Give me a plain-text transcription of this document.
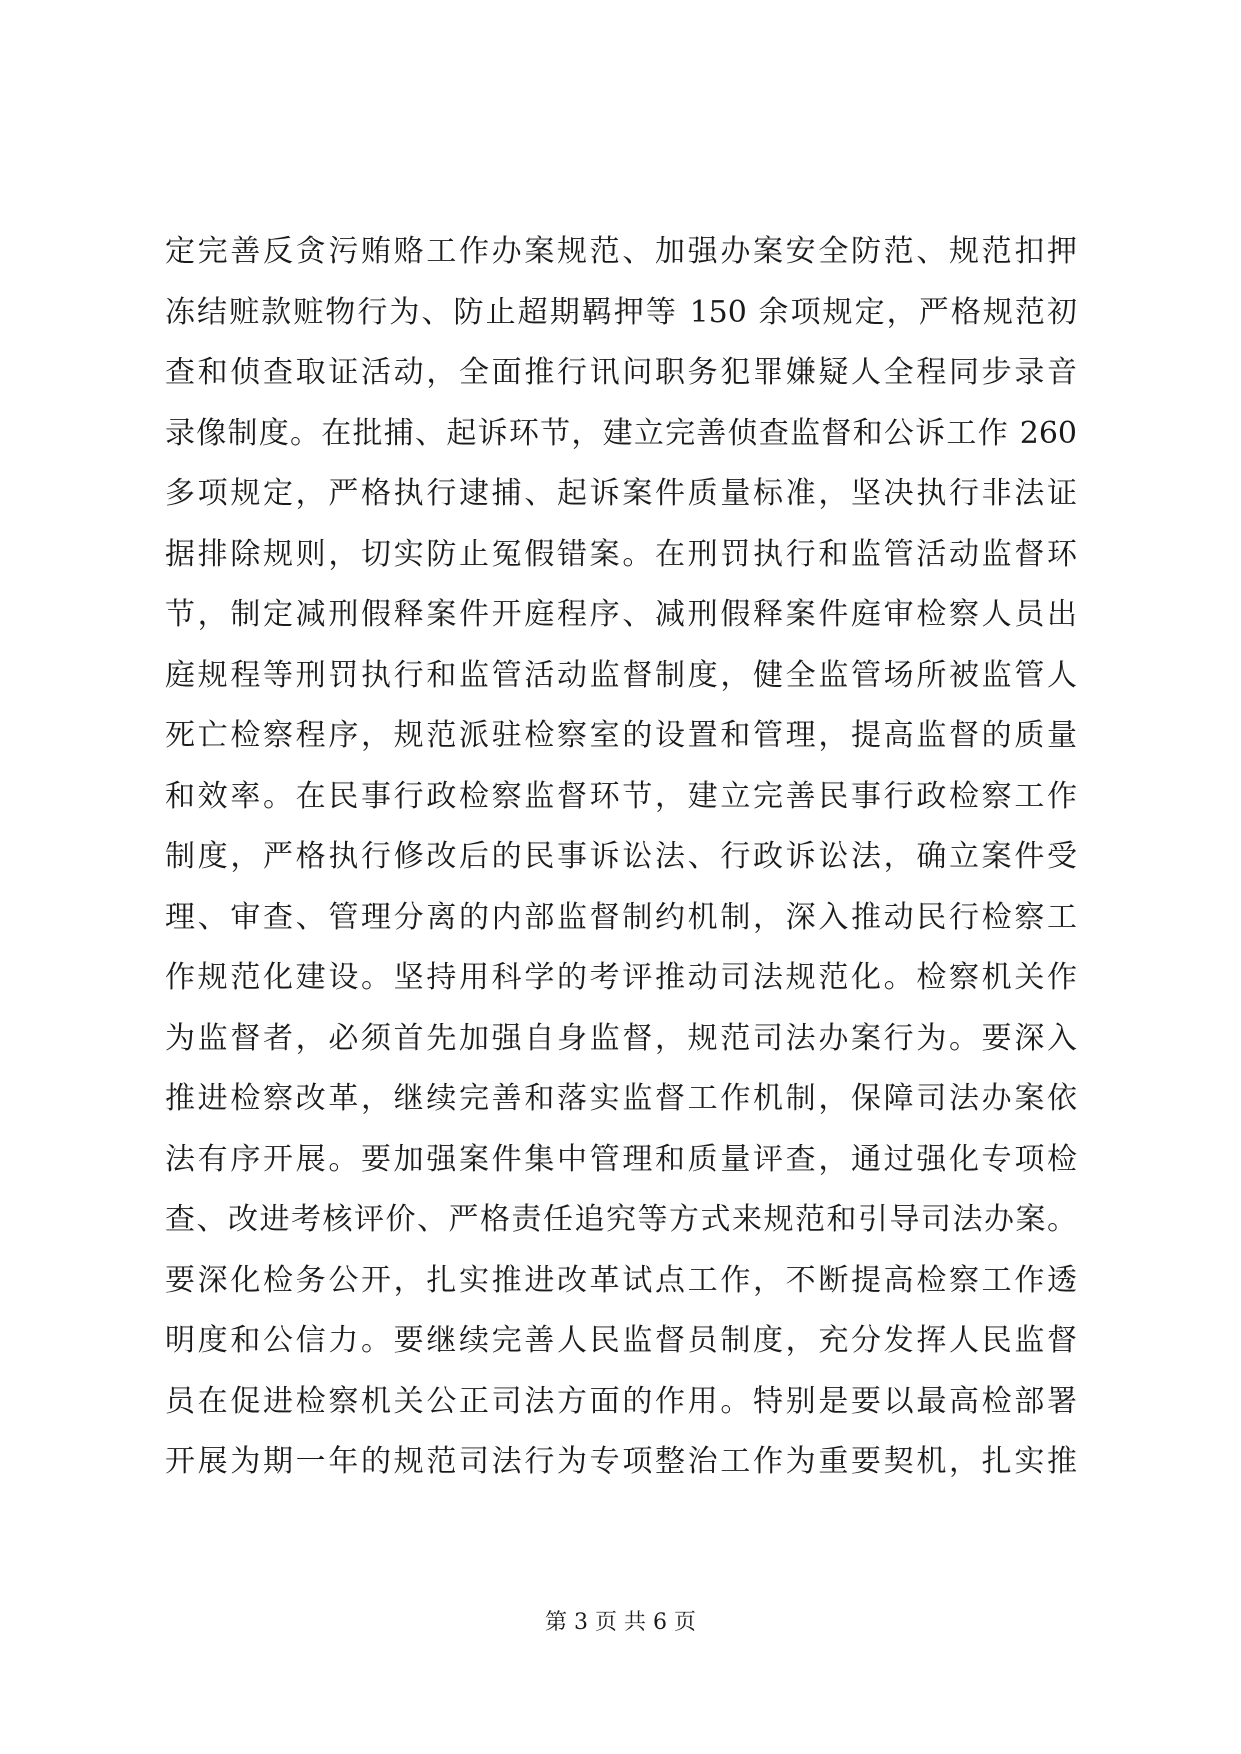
定完善反贪污贿赂工作办案规范、加强办案安全防范、规范扣押
冻结赃款赃物行为、防止超期羁押等 150 余项规定，严格规范初
查和侦查取证活动，全面推行讯问职务犯罪嫌疑人全程同步录音
录像制度。在批捕、起诉环节，建立完善侦查监督和公诉工作 260
多项规定，严格执行逮捕、起诉案件质量标准，坚决执行非法证
据排除规则，切实防止冤假错案。在刑罚执行和监管活动监督环
节，制定减刑假释案件开庭程序、减刑假释案件庭审检察人员出
庭规程等刑罚执行和监管活动监督制度，健全监管场所被监管人
死亡检察程序，规范派驻检察室的设置和管理，提高监督的质量
和效率。在民事行政检察监督环节，建立完善民事行政检察工作
制度，严格执行修改后的民事诉讼法、行政诉讼法，确立案件受
理、审查、管理分离的内部监督制约机制，深入推动民行检察工
作规范化建设。坚持用科学的考评推动司法规范化。检察机关作
为监督者，必须首先加强自身监督，规范司法办案行为。要深入
推进检察改革，继续完善和落实监督工作机制，保障司法办案依
法有序开展。要加强案件集中管理和质量评查，通过强化专项检
查、改进考核评价、严格责任追究等方式来规范和引导司法办案。
要深化检务公开，扎实推进改革试点工作，不断提高检察工作透
明度和公信力。要继续完善人民监督员制度，充分发挥人民监督
员在促进检察机关公正司法方面的作用。特别是要以最高检部署
开展为期一年的规范司法行为专项整治工作为重要契机，扎实推
第 3 页 共 6 页
